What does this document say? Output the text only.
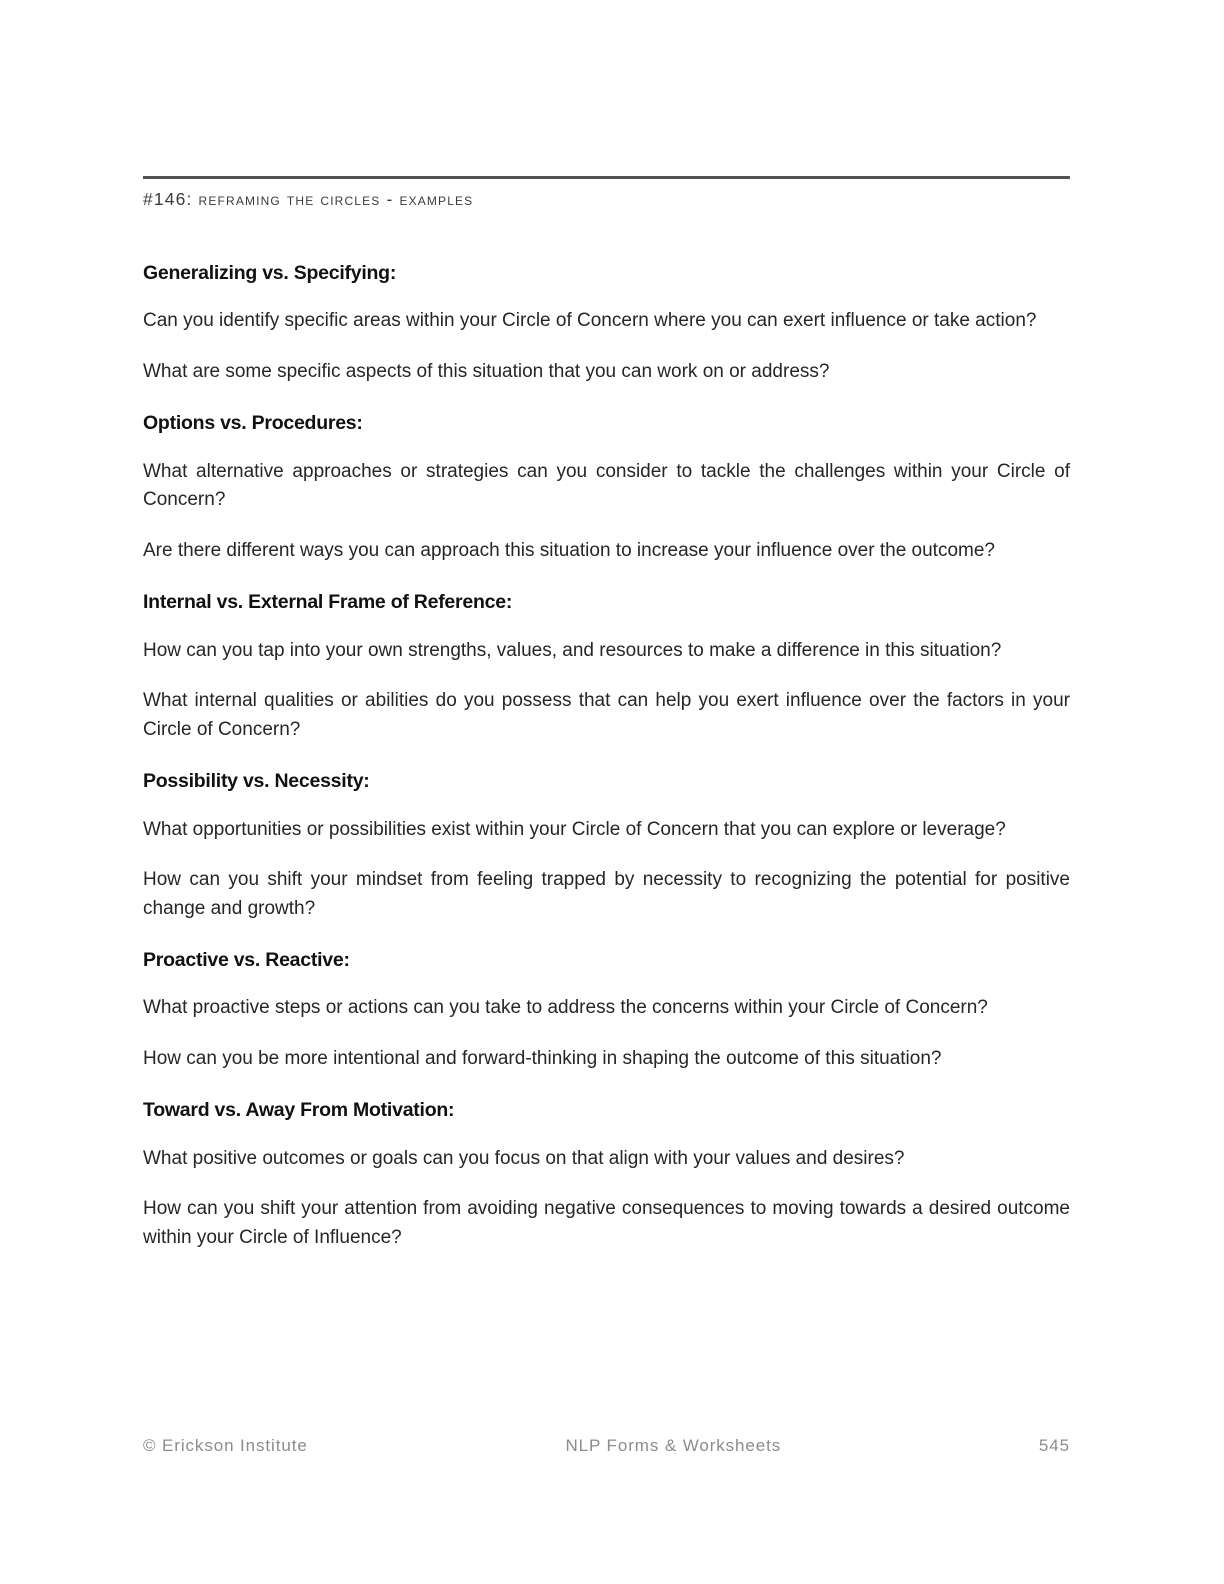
#146: reframing the circles - examples
Generalizing vs. Specifying:

Can you identify specific areas within your Circle of Concern where you can exert influence or take action?

What are some specific aspects of this situation that you can work on or address?

Options vs. Procedures:

What alternative approaches or strategies can you consider to tackle the challenges within your Circle of Concern?

Are there different ways you can approach this situation to increase your influence over the outcome?

Internal vs. External Frame of Reference:

How can you tap into your own strengths, values, and resources to make a difference in this situation?

What internal qualities or abilities do you possess that can help you exert influence over the factors in your Circle of Concern?

Possibility vs. Necessity:

What opportunities or possibilities exist within your Circle of Concern that you can explore or leverage?

How can you shift your mindset from feeling trapped by necessity to recognizing the potential for positive change and growth?

Proactive vs. Reactive:

What proactive steps or actions can you take to address the concerns within your Circle of Concern?

How can you be more intentional and forward-thinking in shaping the outcome of this situation?

Toward vs. Away From Motivation:

What positive outcomes or goals can you focus on that align with your values and desires?

How can you shift your attention from avoiding negative consequences to moving towards a desired outcome within your Circle of Influence?

© Erickson Institute	NLP Forms & Worksheets	545
